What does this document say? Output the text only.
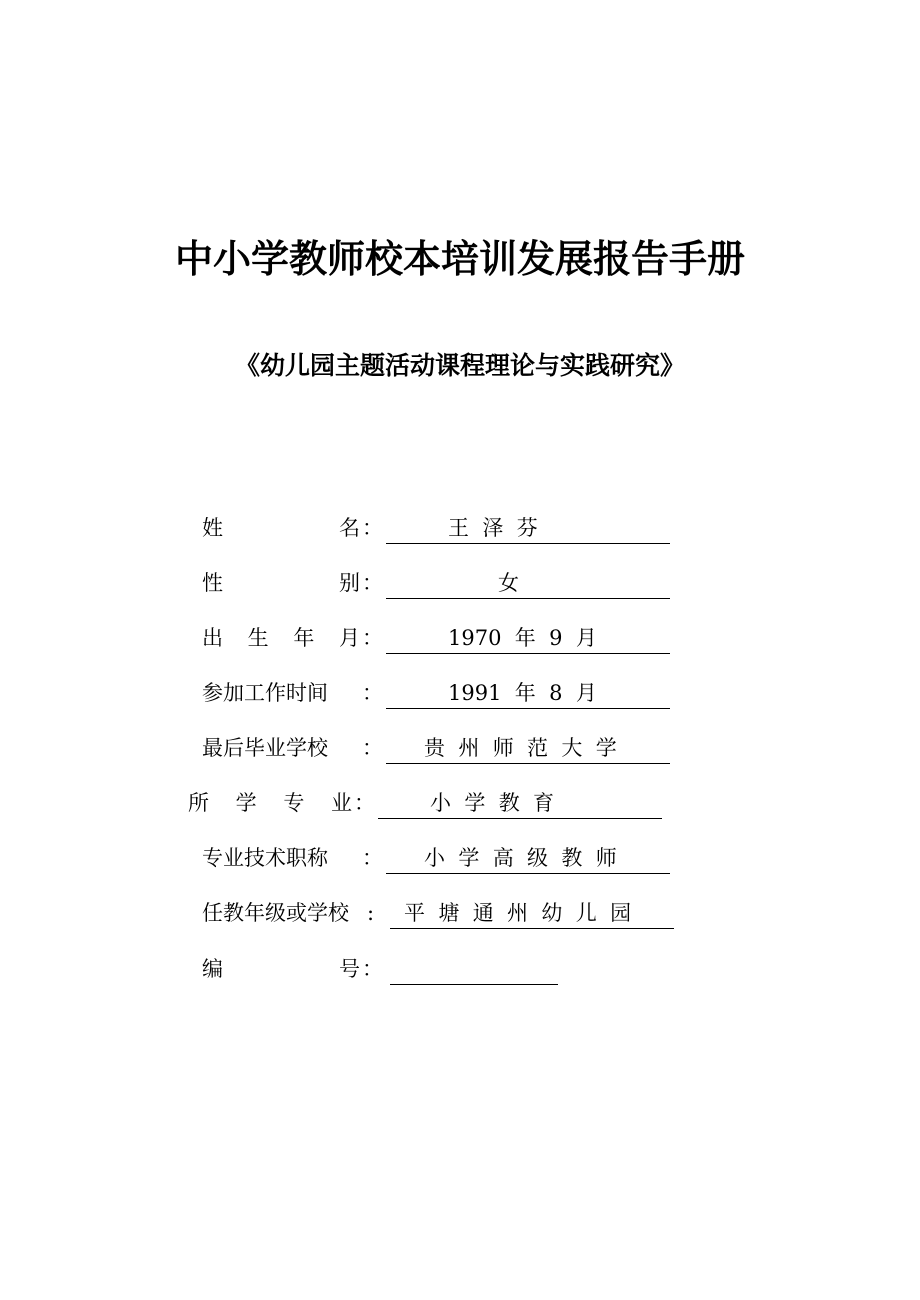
中小学教师校本培训发展报告手册
《幼儿园主题活动课程理论与实践研究》
姓	名 ：	王  泽  芬
性	别 ：	女
出 生 年 月 ：	1970  年  9  月
参加工作时间 ：	1991  年  8  月
最后毕业学校 ： 贵  州  师  范  大  学
所 学 专 业 ：	小  学  教  育
专业技术职称 ： 小  学  高  级  教  师
任教年级或学校 : 平  塘  通  州  幼  儿  园
编	号 ：
